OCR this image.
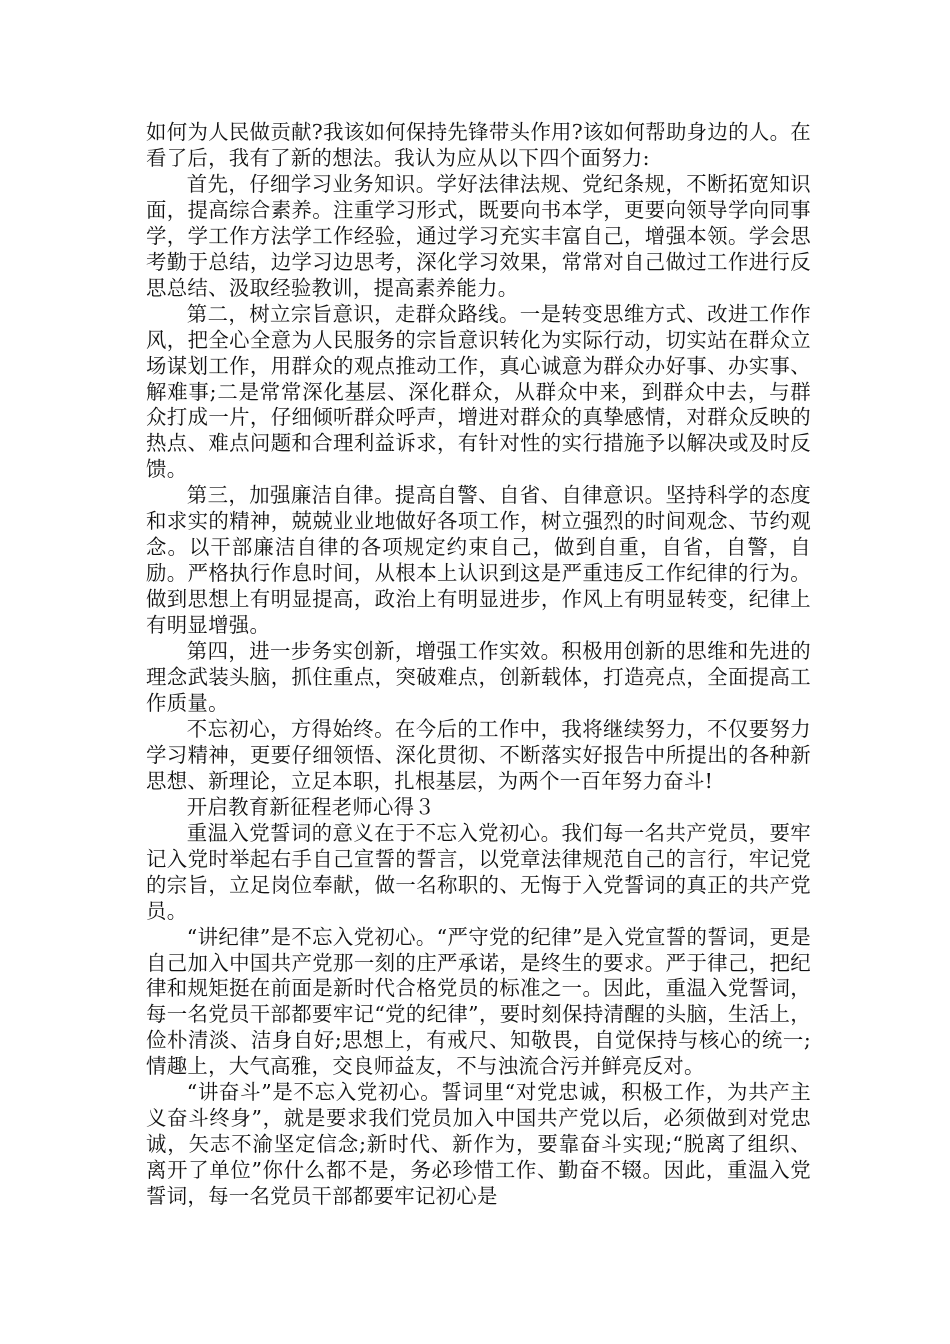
如何为人民做贡献?我该如何保持先锋带头作用?该如何帮助身边的人。在看了后，我有了新的想法。我认为应从以下四个面努力:

首先，仔细学习业务知识。学好法律法规、党纪条规，不断拓宽知识面，提高综合素养。注重学习形式，既要向书本学，更要向领导学向同事学，学工作方法学工作经验，通过学习充实丰富自己，增强本领。学会思考勤于总结，边学习边思考，深化学习效果，常常对自己做过工作进行反思总结、汲取经验教训，提高素养能力。

第二，树立宗旨意识，走群众路线。一是转变思维方式、改进工作作风，把全心全意为人民服务的宗旨意识转化为实际行动，切实站在群众立场谋划工作，用群众的观点推动工作，真心诚意为群众办好事、办实事、解难事;二是常常深化基层、深化群众，从群众中来，到群众中去，与群众打成一片，仔细倾听群众呼声，增进对群众的真挚感情，对群众反映的热点、难点问题和合理利益诉求，有针对性的实行措施予以解决或及时反馈。

第三，加强廉洁自律。提高自警、自省、自律意识。坚持科学的态度和求实的精神，兢兢业业地做好各项工作，树立强烈的时间观念、节约观念。以干部廉洁自律的各项规定约束自己，做到自重，自省，自警，自励。严格执行作息时间，从根本上认识到这是严重违反工作纪律的行为。做到思想上有明显提高，政治上有明显进步，作风上有明显转变，纪律上有明显增强。

第四，进一步务实创新，增强工作实效。积极用创新的思维和先进的理念武装头脑，抓住重点，突破难点，创新载体，打造亮点，全面提高工作质量。

不忘初心，方得始终。在今后的工作中，我将继续努力，不仅要努力学习精神，更要仔细领悟、深化贯彻、不断落实好报告中所提出的各种新思想、新理论，立足本职，扎根基层，为两个一百年努力奋斗!

开启教育新征程老师心得３

重温入党誓词的意义在于不忘入党初心。我们每一名共产党员，要牢记入党时举起右手自己宣誓的誓言，以党章法律规范自己的言行，牢记党的宗旨，立足岗位奉献，做一名称职的、无悔于入党誓词的真正的共产党员。

“讲纪律”是不忘入党初心。“严守党的纪律”是入党宣誓的誓词，更是自己加入中国共产党那一刻的庄严承诺，是终生的要求。严于律己，把纪律和规矩挺在前面是新时代合格党员的标准之一。因此，重温入党誓词，每一名党员干部都要牢记“党的纪律”，要时刻保持清醒的头脑，生活上，俭朴清淡、洁身自好;思想上，有戒尺、知敬畏，自觉保持与核心的统一;情趣上，大气高雅，交良师益友，不与浊流合污并鲜亮反对。

“讲奋斗”是不忘入党初心。誓词里“对党忠诚，积极工作，为共产主义奋斗终身”，就是要求我们党员加入中国共产党以后，必须做到对党忠诚，矢志不渝坚定信念;新时代、新作为，要靠奋斗实现;“脱离了组织、离开了单位”你什么都不是，务必珍惜工作、勤奋不辍。因此，重温入党誓词，每一名党员干部都要牢记初心是
